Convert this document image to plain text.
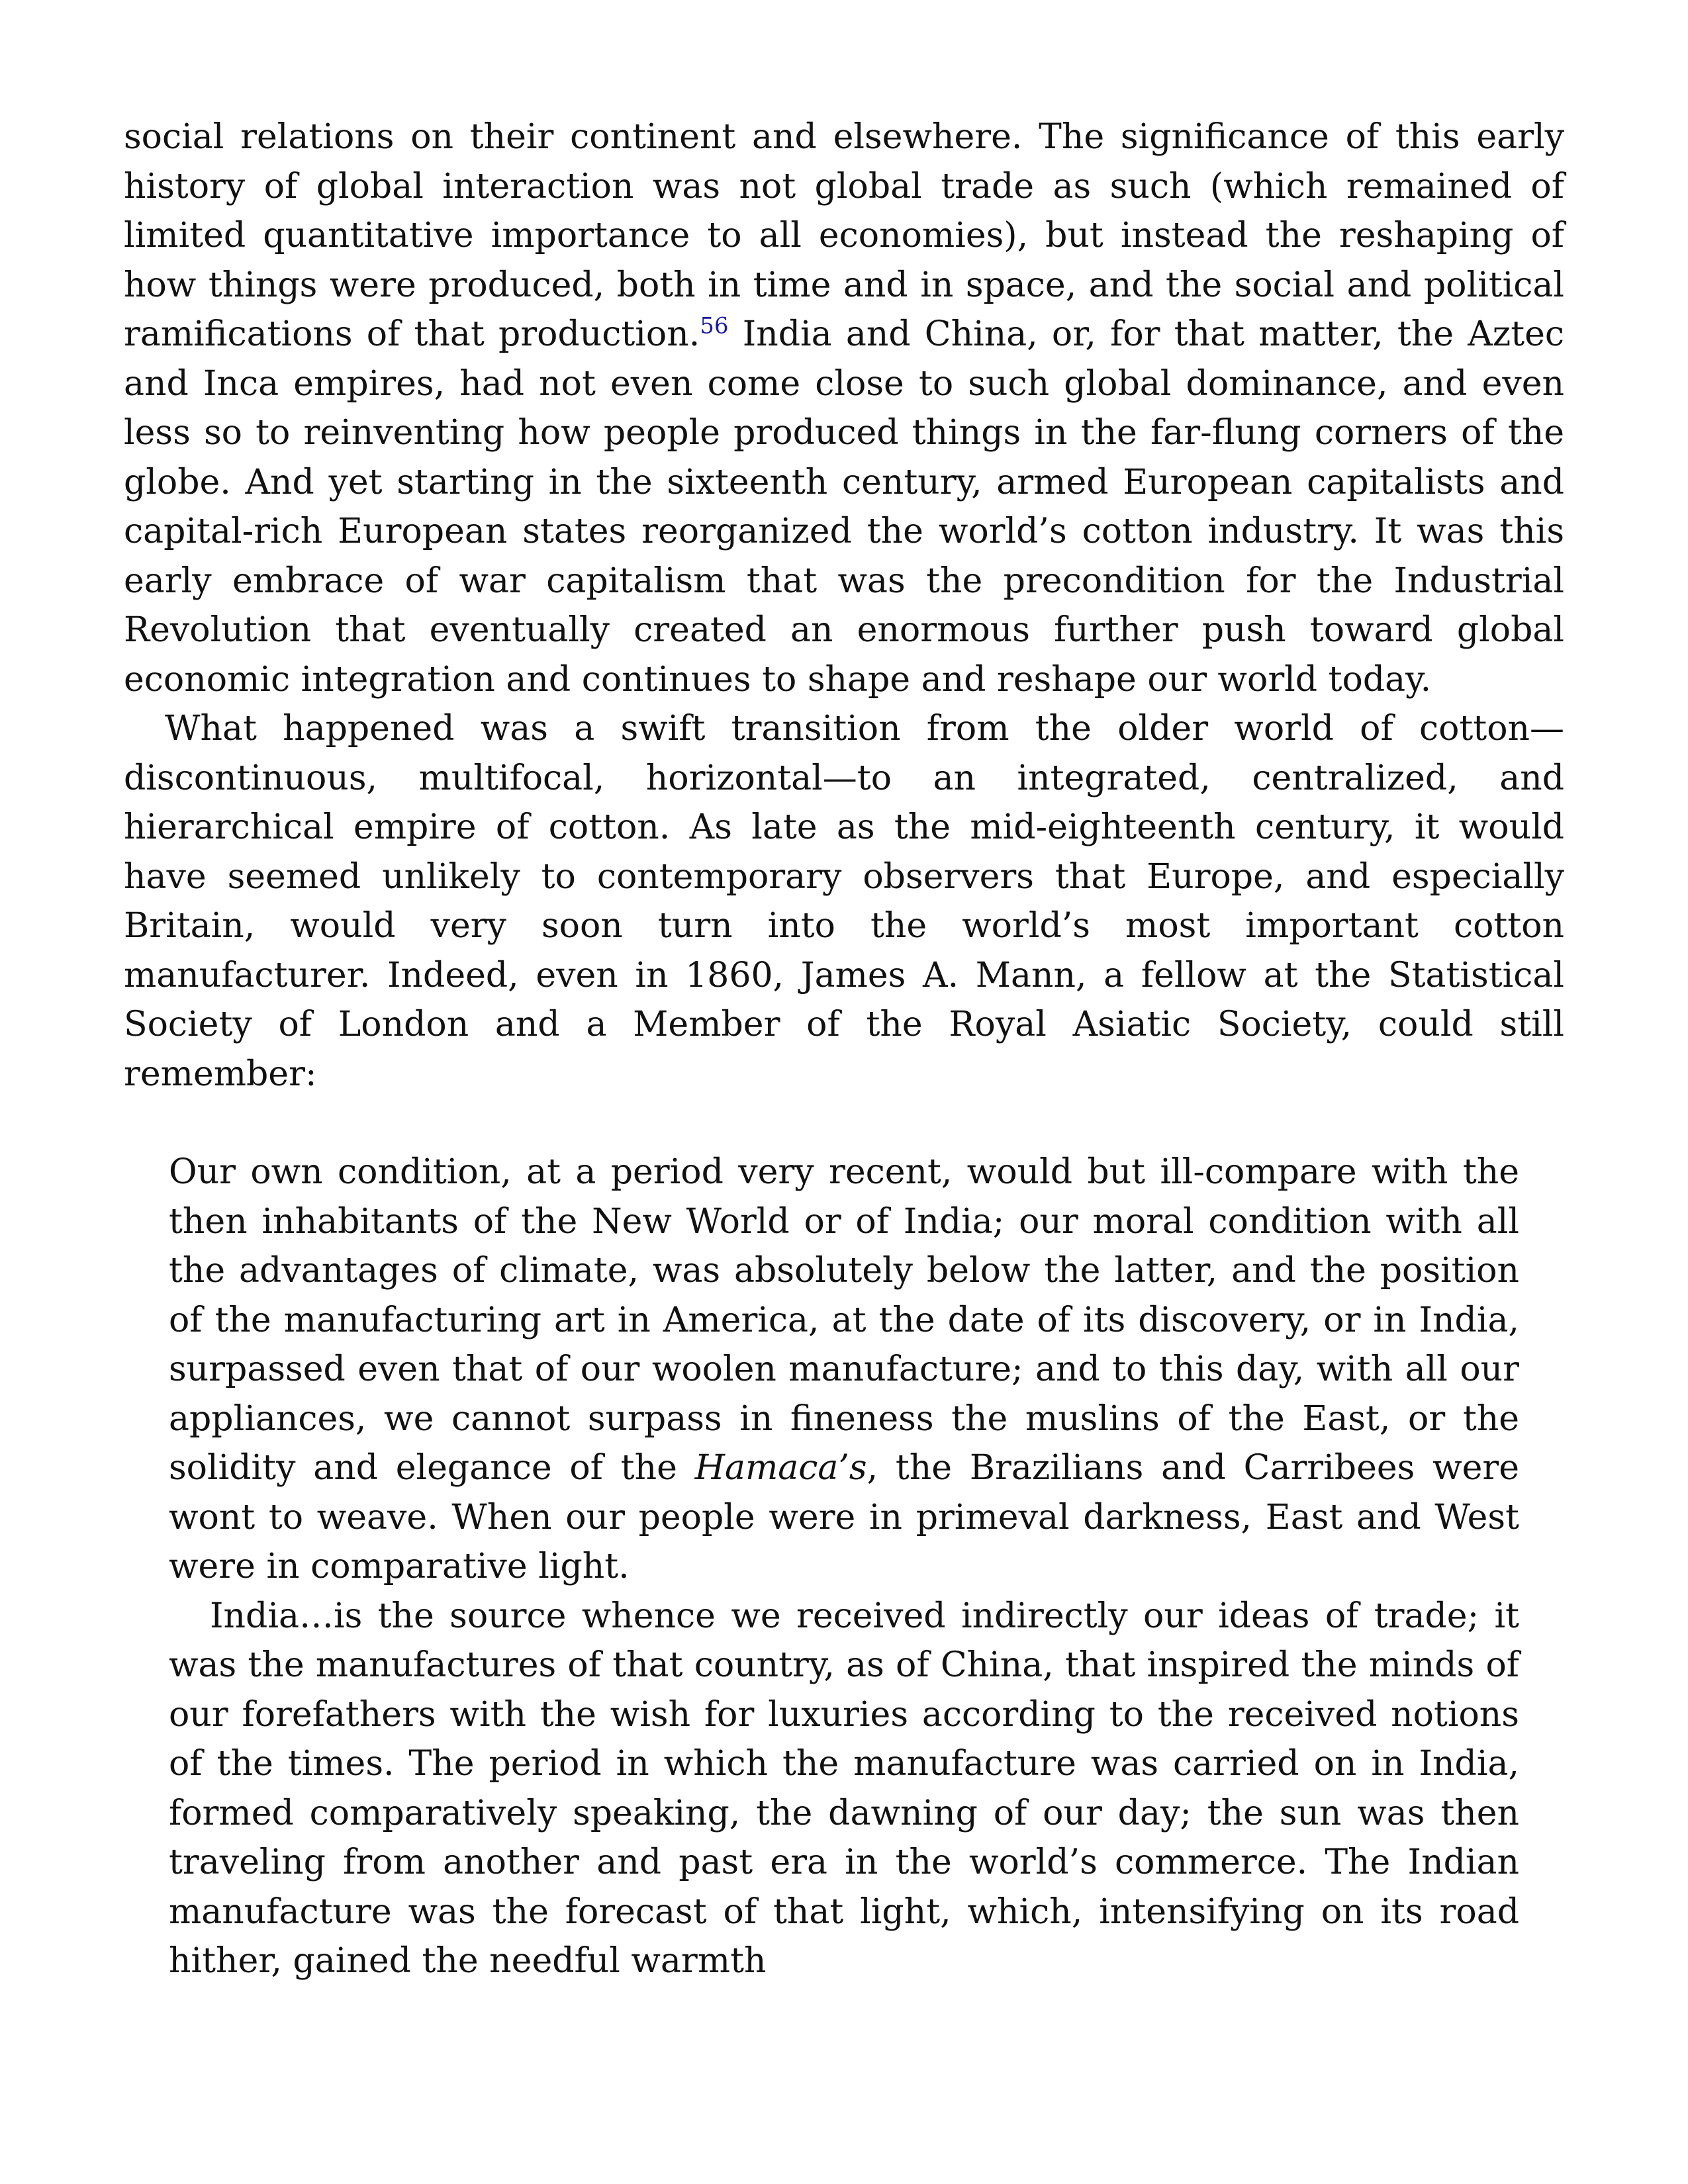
social relations on their continent and elsewhere. The significance of this early history of global interaction was not global trade as such (which remained of limited quantitative importance to all economies), but instead the reshaping of how things were produced, both in time and in space, and the social and political ramifications of that production.$^{56}$ India and China, or, for that matter, the Aztec and Inca empires, had not even come close to such global dominance, and even less so to reinventing how people produced things in the far-flung corners of the globe. And yet starting in the sixteenth century, armed European capitalists and capital-rich European states reorganized the world’s cotton industry. It was this early embrace of war capitalism that was the precondition for the Industrial Revolution that eventually created an enormous further push toward global economic integration and continues to shape and reshape our world today.

What happened was a swift transition from the older world of cotton—discontinuous, multifocal, horizontal—to an integrated, centralized, and hierarchical empire of cotton. As late as the mid-eighteenth century, it would have seemed unlikely to contemporary observers that Europe, and especially Britain, would very soon turn into the world’s most important cotton manufacturer. Indeed, even in 1860, James A. Mann, a fellow at the Statistical Society of London and a Member of the Royal Asiatic Society, could still remember:

Our own condition, at a period very recent, would but ill-compare with the then inhabitants of the New World or of India; our moral condition with all the advantages of climate, was absolutely below the latter, and the position of the manufacturing art in America, at the date of its discovery, or in India, surpassed even that of our woolen manufacture; and to this day, with all our appliances, we cannot surpass in fineness the muslins of the East, or the solidity and elegance of the Hamaca’s, the Brazilians and Carribees were wont to weave. When our people were in primeval darkness, East and West were in comparative light.

India…is the source whence we received indirectly our ideas of trade; it was the manufactures of that country, as of China, that inspired the minds of our forefathers with the wish for luxuries according to the received notions of the times. The period in which the manufacture was carried on in India, formed comparatively speaking, the dawning of our day; the sun was then traveling from another and past era in the world’s commerce. The Indian manufacture was the forecast of that light, which, intensifying on its road hither, gained the needful warmth
